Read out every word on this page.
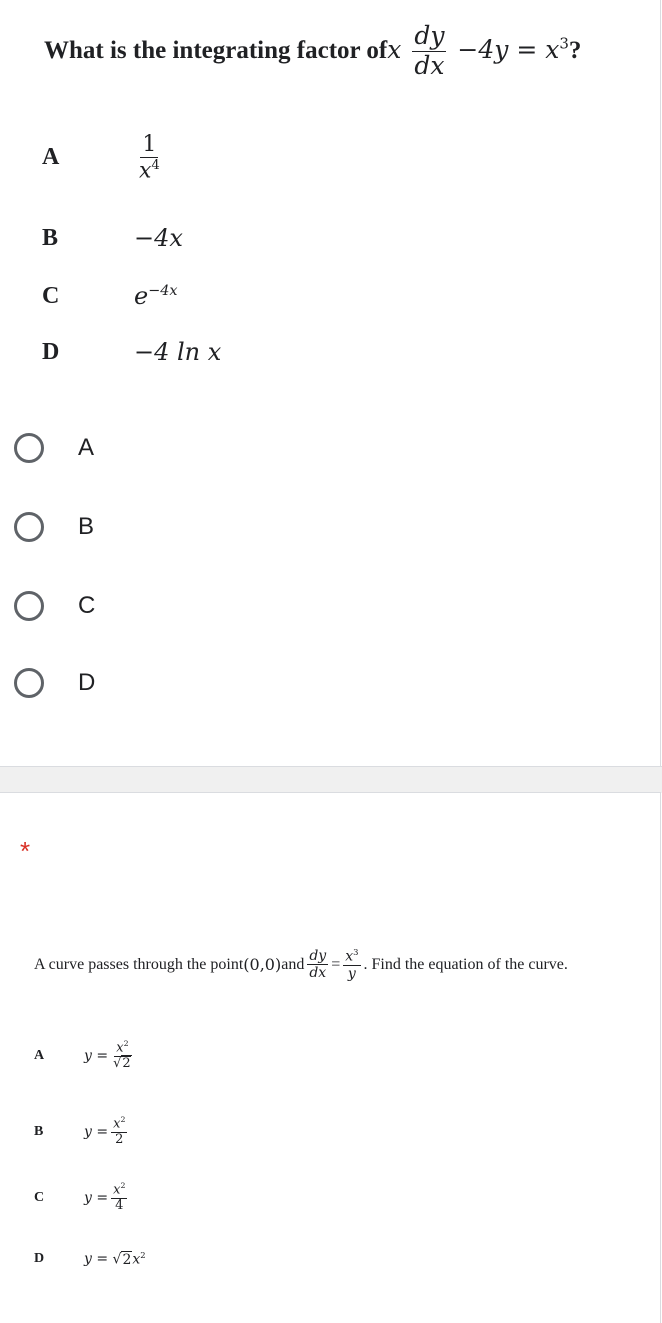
What is the integrating factor of x $\frac{dy}{dx} -4y = x^3$ ?
A	$\frac{1}{x^4}$
B	−4x
C	$e^{-4x}$
D	−4 ln x
A
B
C
D
*
A curve passes through the point (0,0) and $\frac{dy}{dx} = \frac{x^3}{y}$ . Find the equation of the curve.
A	$y = \frac{x^2}{√2}$
B	$y = \frac{x^2}{2}$
C	$y = \frac{x^2}{4}$
D	$y = √2x^2$
